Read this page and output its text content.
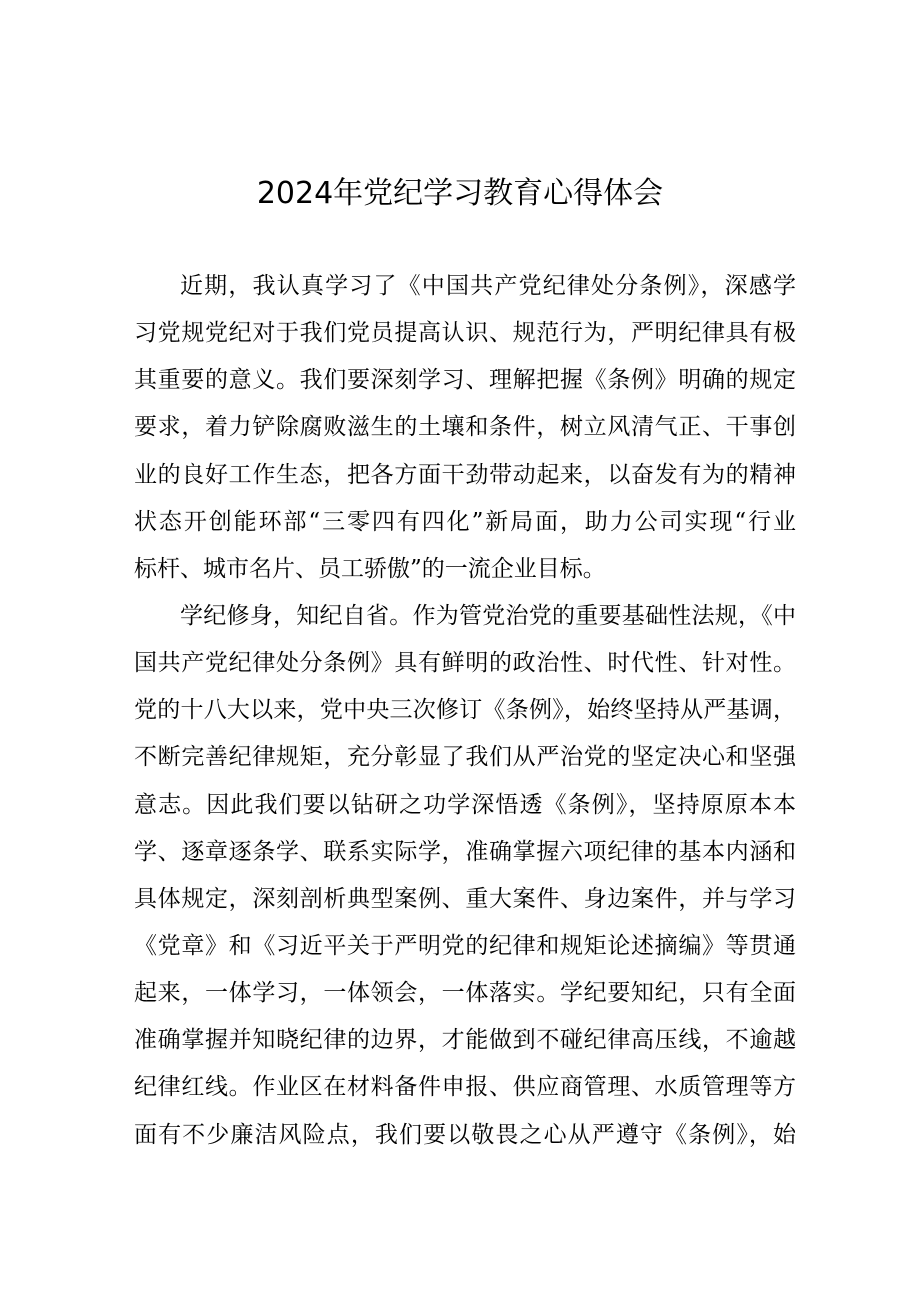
2024年党纪学习教育心得体会
近期，我认真学习了《中国共产党纪律处分条例》，深感学
习党规党纪对于我们党员提高认识、规范行为，严明纪律具有极
其重要的意义。我们要深刻学习、理解把握《条例》明确的规定
要求，着力铲除腐败滋生的土壤和条件，树立风清气正、干事创
业的良好工作生态，把各方面干劲带动起来，以奋发有为的精神
状态开创能环部“三零四有四化”新局面，助力公司实现“行业
标杆、城市名片、员工骄傲”的一流企业目标。
学纪修身，知纪自省。作为管党治党的重要基础性法规，《中
国共产党纪律处分条例》具有鲜明的政治性、时代性、针对性。
党的十八大以来，党中央三次修订《条例》，始终坚持从严基调，
不断完善纪律规矩，充分彰显了我们从严治党的坚定决心和坚强
意志。因此我们要以钻研之功学深悟透《条例》，坚持原原本本
学、逐章逐条学、联系实际学，准确掌握六项纪律的基本内涵和
具体规定，深刻剖析典型案例、重大案件、身边案件，并与学习
《党章》和《习近平关于严明党的纪律和规矩论述摘编》等贯通
起来，一体学习，一体领会，一体落实。学纪要知纪，只有全面
准确掌握并知晓纪律的边界，才能做到不碰纪律高压线，不逾越
纪律红线。作业区在材料备件申报、供应商管理、水质管理等方
面有不少廉洁风险点，我们要以敬畏之心从严遵守《条例》，始
